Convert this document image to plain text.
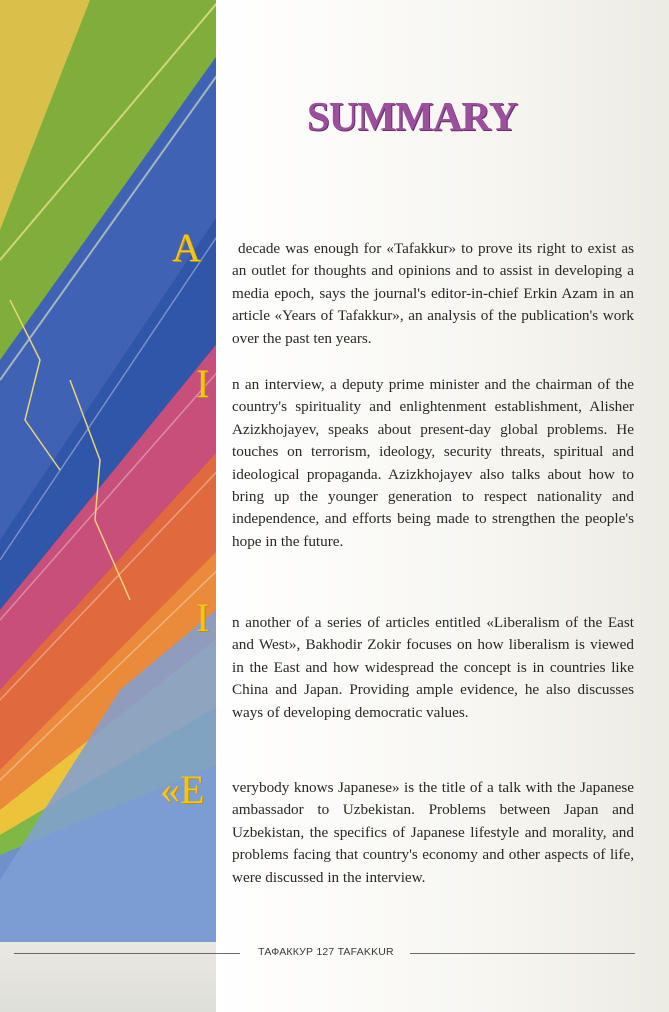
SUMMARY
A	decade was enough for «Tafakkur» to prove its right to exist as an outlet for thoughts and opinions and to assist in developing a media epoch, says the journal's editor-in-chief Erkin Azam in an article «Years of Tafakkur», an analysis of the publication's work over the past ten years.

I n an interview, a deputy prime minister and the chairman of the country's spirituality and enlightenment establishment, Alisher Azizkhojayev, speaks about present-day global problems. He touches on terrorism, ideology, security threats, spiritual and ideological propaganda. Azizkhojayev also talks about how to bring up the younger generation to respect nationality and independence, and efforts being made to strengthen the people's hope in the future.

I n another of a series of articles entitled «Liberalism of the East and West», Bakhodir Zokir focuses on how liberalism is viewed in the East and how widespread the concept is in countries like China and Japan. Providing ample evidence, he also discusses ways of developing democratic values.

«E verybody knows Japanese» is the title of a talk with the Japanese ambassador to Uzbekistan. Problems between Japan and Uzbekistan, the specifics of Japanese lifestyle and morality, and problems facing that country's economy and other aspects of life, were discussed in the interview.

ТАФАККУР 127 TAFAKKUR
